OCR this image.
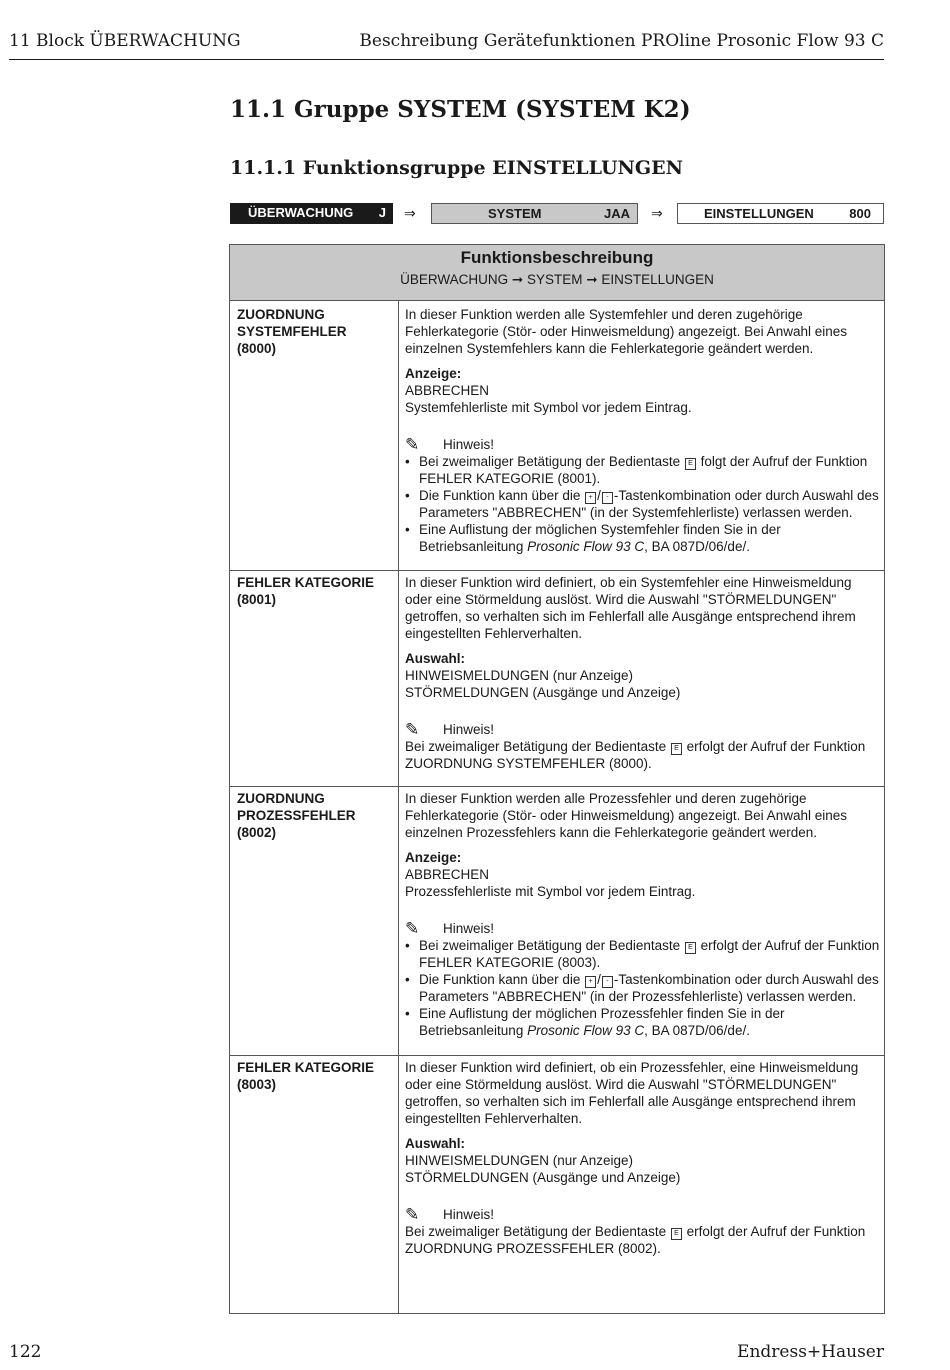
11 Block ÜBERWACHUNG	Beschreibung Gerätefunktionen PROline Prosonic Flow 93 C
11.1 Gruppe SYSTEM (SYSTEM K2)
11.1.1 Funktionsgruppe EINSTELLUNGEN
ÜBERWACHUNG J ⇒	SYSTEM	JAA ⇒	EINSTELLUNGEN	800
Funktionsbeschreibung
ÜBERWACHUNG ➞ SYSTEM ➞ EINSTELLUNGEN
ZUORDNUNG
SYSTEMFEHLER
(8000)

In dieser Funktion werden alle Systemfehler und deren zugehörige Fehlerkategorie (Stör- oder Hinweismeldung) angezeigt. Bei Anwahl eines einzelnen Systemfehlers kann die Fehlerkategorie geändert werden.

Anzeige:
ABBRECHEN
Systemfehlerliste mit Symbol vor jedem Eintrag.
✎	Hinweis!
• Bei zweimaliger Betätigung der Bedientaste E folgt der Aufruf der Funktion FEHLER KATEGORIE (8001).
• Die Funktion kann über die + / - -Tastenkombination oder durch Auswahl des Parameters "ABBRECHEN" (in der Systemfehlerliste) verlassen werden.
• Eine Auflistung der möglichen Systemfehler finden Sie in der Betriebsanleitung Prosonic Flow 93 C, BA 087D/06/de/.
FEHLER KATEGORIE
(8001)

In dieser Funktion wird definiert, ob ein Systemfehler eine Hinweismeldung oder eine Störmeldung auslöst. Wird die Auswahl "STÖRMELDUNGEN" getroffen, so verhalten sich im Fehlerfall alle Ausgänge entsprechend ihrem eingestellten Fehlerverhalten.

Auswahl:
HINWEISMELDUNGEN (nur Anzeige)
STÖRMELDUNGEN (Ausgänge und Anzeige)
✎	Hinweis!
Bei zweimaliger Betätigung der Bedientaste E erfolgt der Aufruf der Funktion ZUORDNUNG SYSTEMFEHLER (8000).
ZUORDNUNG
PROZESSFEHLER
(8002)

In dieser Funktion werden alle Prozessfehler und deren zugehörige Fehlerkategorie (Stör- oder Hinweismeldung) angezeigt. Bei Anwahl eines einzelnen Prozessfehlers kann die Fehlerkategorie geändert werden.

Anzeige:
ABBRECHEN
Prozessfehlerliste mit Symbol vor jedem Eintrag.
✎	Hinweis!
• Bei zweimaliger Betätigung der Bedientaste E erfolgt der Aufruf der Funktion FEHLER KATEGORIE (8003).
• Die Funktion kann über die + / - -Tastenkombination oder durch Auswahl des Parameters "ABBRECHEN" (in der Prozessfehlerliste) verlassen werden.
• Eine Auflistung der möglichen Prozessfehler finden Sie in der Betriebsanleitung Prosonic Flow 93 C, BA 087D/06/de/.
FEHLER KATEGORIE
(8003)

In dieser Funktion wird definiert, ob ein Prozessfehler, eine Hinweismeldung oder eine Störmeldung auslöst. Wird die Auswahl "STÖRMELDUNGEN" getroffen, so verhalten sich im Fehlerfall alle Ausgänge entsprechend ihrem eingestellten Fehlerverhalten.

Auswahl:
HINWEISMELDUNGEN (nur Anzeige)
STÖRMELDUNGEN (Ausgänge und Anzeige)
✎	Hinweis!
Bei zweimaliger Betätigung der Bedientaste E erfolgt der Aufruf der Funktion ZUORDNUNG PROZESSFEHLER (8002).
122	Endress+Hauser
